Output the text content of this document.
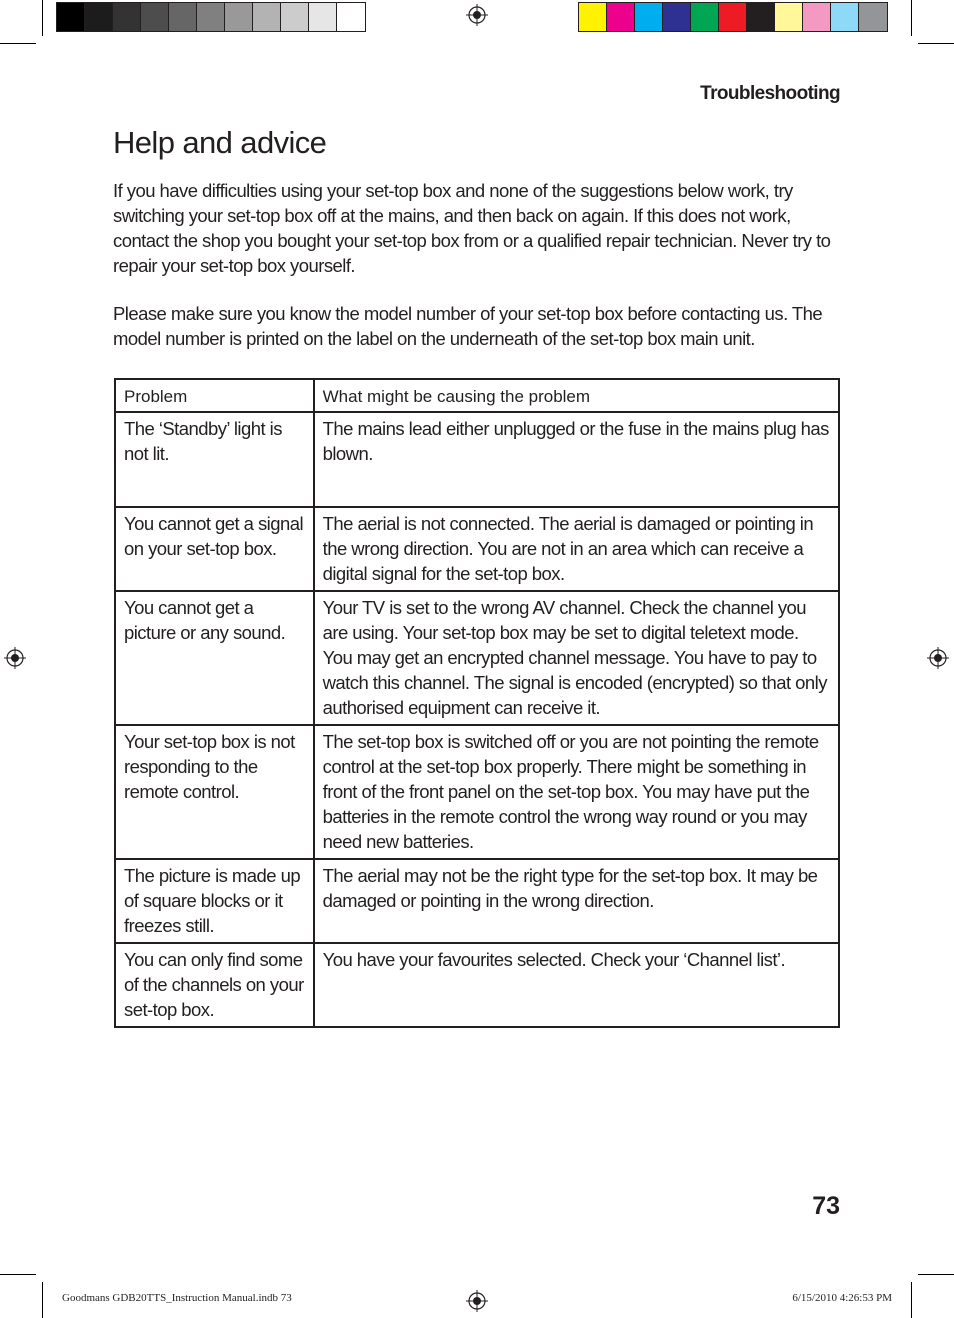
Troubleshooting
Help and advice

If you have difficulties using your set-top box and none of the suggestions below work, try switching your set-top box off at the mains, and then back on again. If this does not work, contact the shop you bought your set-top box from or a qualified repair technician. Never try to repair your set-top box yourself.

Please make sure you know the model number of your set-top box before contacting us. The model number is printed on the label on the underneath of the set-top box main unit.

Problem	What might be causing the problem
The ‘Standby’ light is not lit.	The mains lead either unplugged or the fuse in the mains plug has blown.
You cannot get a signal on your set-top box.	The aerial is not connected. The aerial is damaged or pointing in the wrong direction. You are not in an area which can receive a digital signal for the set-top box.
You cannot get a picture or any sound.	Your TV is set to the wrong AV channel. Check the channel you are using. Your set-top box may be set to digital teletext mode. You may get an encrypted channel message. You have to pay to watch this channel. The signal is encoded (encrypted) so that only authorised equipment can receive it.
Your set-top box is not responding to the remote control.	The set-top box is switched off or you are not pointing the remote control at the set-top box properly. There might be something in front of the front panel on the set-top box. You may have put the batteries in the remote control the wrong way round or you may need new batteries.
The picture is made up of square blocks or it freezes still.	The aerial may not be the right type for the set-top box. It may be damaged or pointing in the wrong direction.
You can only find some of the channels on your set-top box.	You have your favourites selected. Check your ‘Channel list’.
73
Goodmans GDB20TTS_Instruction Manual.indb 73	6/15/2010 4:26:53 PM
